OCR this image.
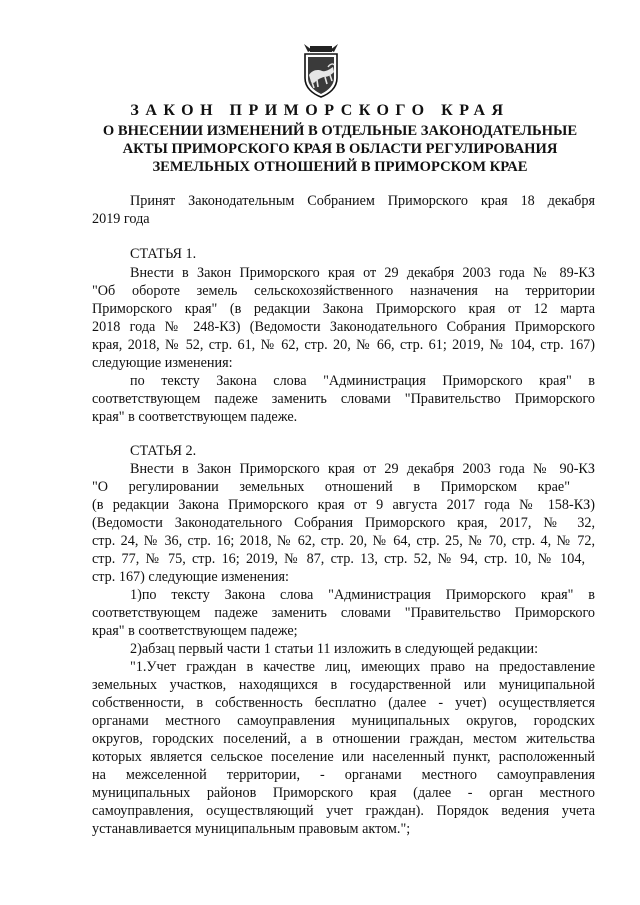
ЗАКОН ПРИМОРСКОГО КРАЯ

О ВНЕСЕНИИ ИЗМЕНЕНИЙ В ОТДЕЛЬНЫЕ ЗАКОНОДАТЕЛЬНЫЕ АКТЫ ПРИМОРСКОГО КРАЯ В ОБЛАСТИ РЕГУЛИРОВАНИЯ ЗЕМЕЛЬНЫХ ОТНОШЕНИЙ В ПРИМОРСКОМ КРАЕ

Принят Законодательным Собранием Приморского края 18 декабря
2019 года
СТАТЬЯ 1.
Внести в Закон Приморского края от 29 декабря 2003 года № 89-КЗ
"Об обороте земель сельскохозяйственного назначения на территории
Приморского края" (в редакции Закона Приморского края от 12 марта
2018 года № 248-КЗ) (Ведомости Законодательного Собрания Приморского
края, 2018, № 52, стр. 61, № 62, стр. 20, № 66, стр. 61; 2019, № 104, стр. 167)
следующие изменения:
по тексту Закона слова "Администрация Приморского края" в
соответствующем падеже заменить словами "Правительство Приморского
края" в соответствующем падеже.
СТАТЬЯ 2.
Внести в Закон Приморского края от 29 декабря 2003 года № 90-КЗ
"О регулировании земельных отношений в Приморском крае"
(в редакции Закона Приморского края от 9 августа 2017 года № 158-КЗ)
(Ведомости Законодательного Собрания Приморского края, 2017, № 32,
стр. 24, № 36, стр. 16; 2018, № 62, стр. 20, № 64, стр. 25, № 70, стр. 4, № 72,
стр. 77, № 75, стр. 16; 2019, № 87, стр. 13, стр. 52, № 94, стр. 10, № 104,
стр. 167) следующие изменения:
1)по тексту Закона слова "Администрация Приморского края" в
соответствующем падеже заменить словами "Правительство Приморского
края" в соответствующем падеже;
2)абзац первый части 1 статьи 11 изложить в следующей редакции:
"1.Учет граждан в качестве лиц, имеющих право на предоставление
земельных участков, находящихся в государственной или муниципальной
собственности, в собственность бесплатно (далее - учет) осуществляется
органами местного самоуправления муниципальных округов, городских
округов, городских поселений, а в отношении граждан, местом жительства
которых является сельское поселение или населенный пункт, расположенный
на межселенной территории, - органами местного самоуправления
муниципальных районов Приморского края (далее - орган местного
самоуправления, осуществляющий учет граждан). Порядок ведения учета
устанавливается муниципальным правовым актом.";
